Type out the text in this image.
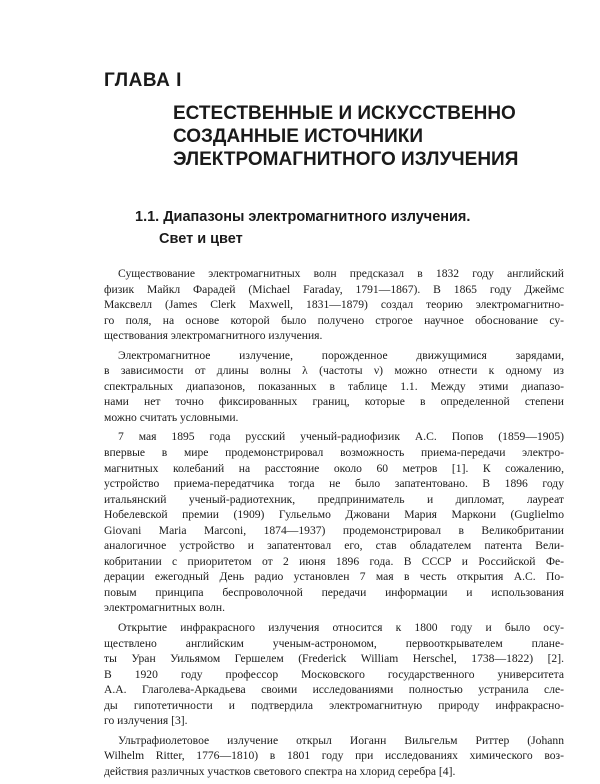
ГЛАВА I
ЕСТЕСТВЕННЫЕ И ИСКУССТВЕННО
СОЗДАННЫЕ ИСТОЧНИКИ
ЭЛЕКТРОМАГНИТНОГО ИЗЛУЧЕНИЯ
1.1. Диапазоны электромагнитного излучения.
Свет и цвет

Существование электромагнитных волн предсказал в 1832 году английский
физик Майкл Фарадей (Michael Faraday, 1791—1867). В 1865 году Джеймс
Максвелл (James Clerk Maxwell, 1831—1879) создал теорию электромагнитно-
го поля, на основе которой было получено строгое научное обоснование су-
ществования электромагнитного излучения.

Электромагнитное излучение, порожденное движущимися зарядами,
в зависимости от длины волны λ (частоты ν) можно отнести к одному из
спектральных диапазонов, показанных в таблице 1.1. Между этими диапазо-
нами нет точно фиксированных границ, которые в определенной степени
можно считать условными.

7 мая 1895 года русский ученый-радиофизик А.С. Попов (1859—1905)
впервые в мире продемонстрировал возможность приема-передачи электро-
магнитных колебаний на расстояние около 60 метров [1]. К сожалению,
устройство приема-передатчика тогда не было запатентовано. В 1896 году
итальянский ученый-радиотехник, предприниматель и дипломат, лауреат
Нобелевской премии (1909) Гульельмо Джовани Мария Маркони (Guglielmo
Giovani Maria Marconi, 1874—1937) продемонстрировал в Великобритании
аналогичное устройство и запатентовал его, став обладателем патента Вели-
кобритании с приоритетом от 2 июня 1896 года. В СССР и Российской Фе-
дерации ежегодный День радио установлен 7 мая в честь открытия А.С. По-
повым принципа беспроволочной передачи информации и использования
электромагнитных волн.

Открытие инфракрасного излучения относится к 1800 году и было осу-
ществлено английским ученым-астрономом, первооткрывателем плане-
ты Уран Уильямом Гершелем (Frederick William Herschel, 1738—1822) [2].
В 1920 году профессор Московского государственного университета
А.А. Глаголева-Аркадьева своими исследованиями полностью устранила сле-
ды гипотетичности и подтвердила электромагнитную природу инфракрасно-
го излучения [3].

Ультрафиолетовое излучение открыл Иоганн Вильгельм Риттер (Johann
Wilhelm Ritter, 1776—1810) в 1801 году при исследованиях химического воз-
действия различных участков светового спектра на хлорид серебра [4].
